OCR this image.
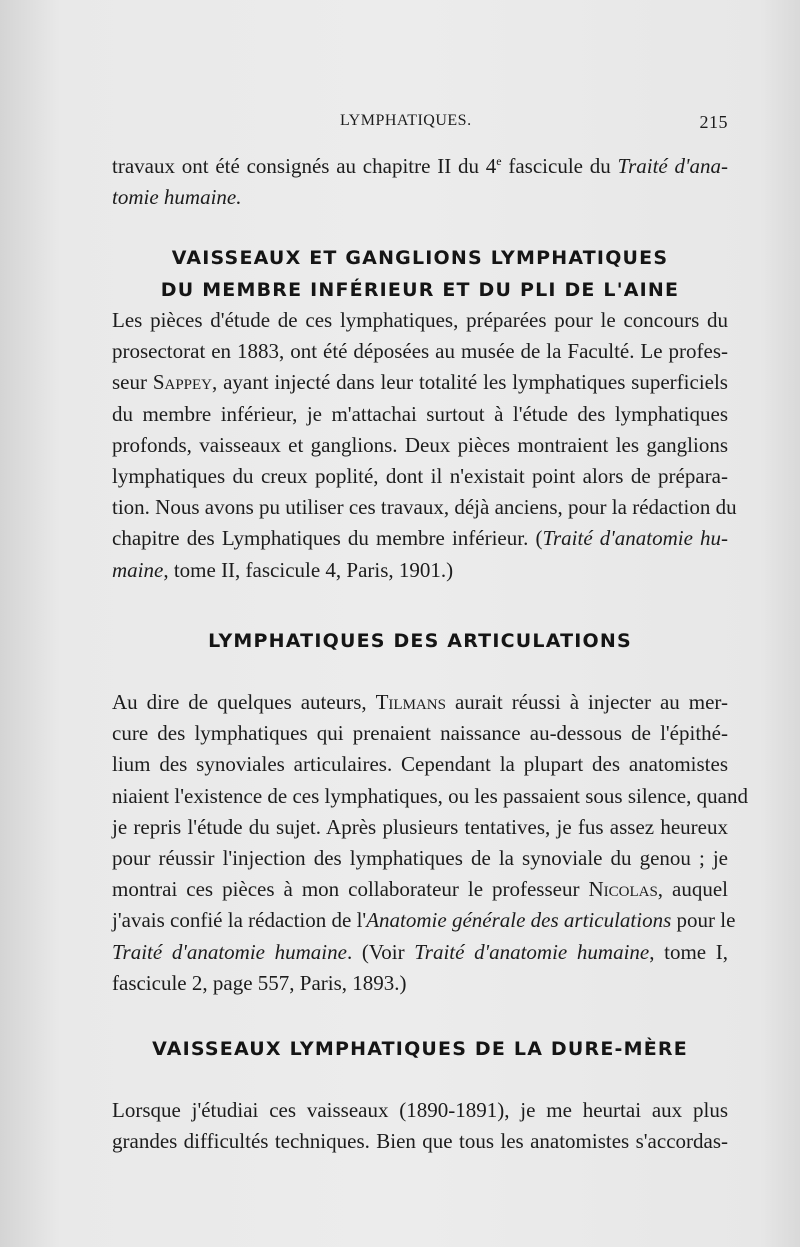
LYMPHATIQUES.	215
travaux ont été consignés au chapitre II du 4e fascicule du Traité d'ana-
tomie humaine.
VAISSEAUX ET GANGLIONS LYMPHATIQUES
DU MEMBRE INFÉRIEUR ET DU PLI DE L'AINE
Les pièces d'étude de ces lymphatiques, préparées pour le concours du
prosectorat en 1883, ont été déposées au musée de la Faculté. Le profes-
seur Sappey, ayant injecté dans leur totalité les lymphatiques superficiels
du membre inférieur, je m'attachai surtout à l'étude des lymphatiques
profonds, vaisseaux et ganglions. Deux pièces montraient les ganglions
lymphatiques du creux poplité, dont il n'existait point alors de prépara-
tion. Nous avons pu utiliser ces travaux, déjà anciens, pour la rédaction du
chapitre des Lymphatiques du membre inférieur. (Traité d'anatomie hu-
maine, tome II, fascicule 4, Paris, 1901.)
LYMPHATIQUES DES ARTICULATIONS
Au dire de quelques auteurs, Tilmans aurait réussi à injecter au mer-
cure des lymphatiques qui prenaient naissance au-dessous de l'épithé-
lium des synoviales articulaires. Cependant la plupart des anatomistes
niaient l'existence de ces lymphatiques, ou les passaient sous silence, quand
je repris l'étude du sujet. Après plusieurs tentatives, je fus assez heureux
pour réussir l'injection des lymphatiques de la synoviale du genou ; je
montrai ces pièces à mon collaborateur le professeur Nicolas, auquel
j'avais confié la rédaction de l'Anatomie générale des articulations pour le
Traité d'anatomie humaine. (Voir Traité d'anatomie humaine, tome I,
fascicule 2, page 557, Paris, 1893.)
VAISSEAUX LYMPHATIQUES DE LA DURE-MÈRE
Lorsque j'étudiai ces vaisseaux (1890-1891), je me heurtai aux plus
grandes difficultés techniques. Bien que tous les anatomistes s'accordas-
